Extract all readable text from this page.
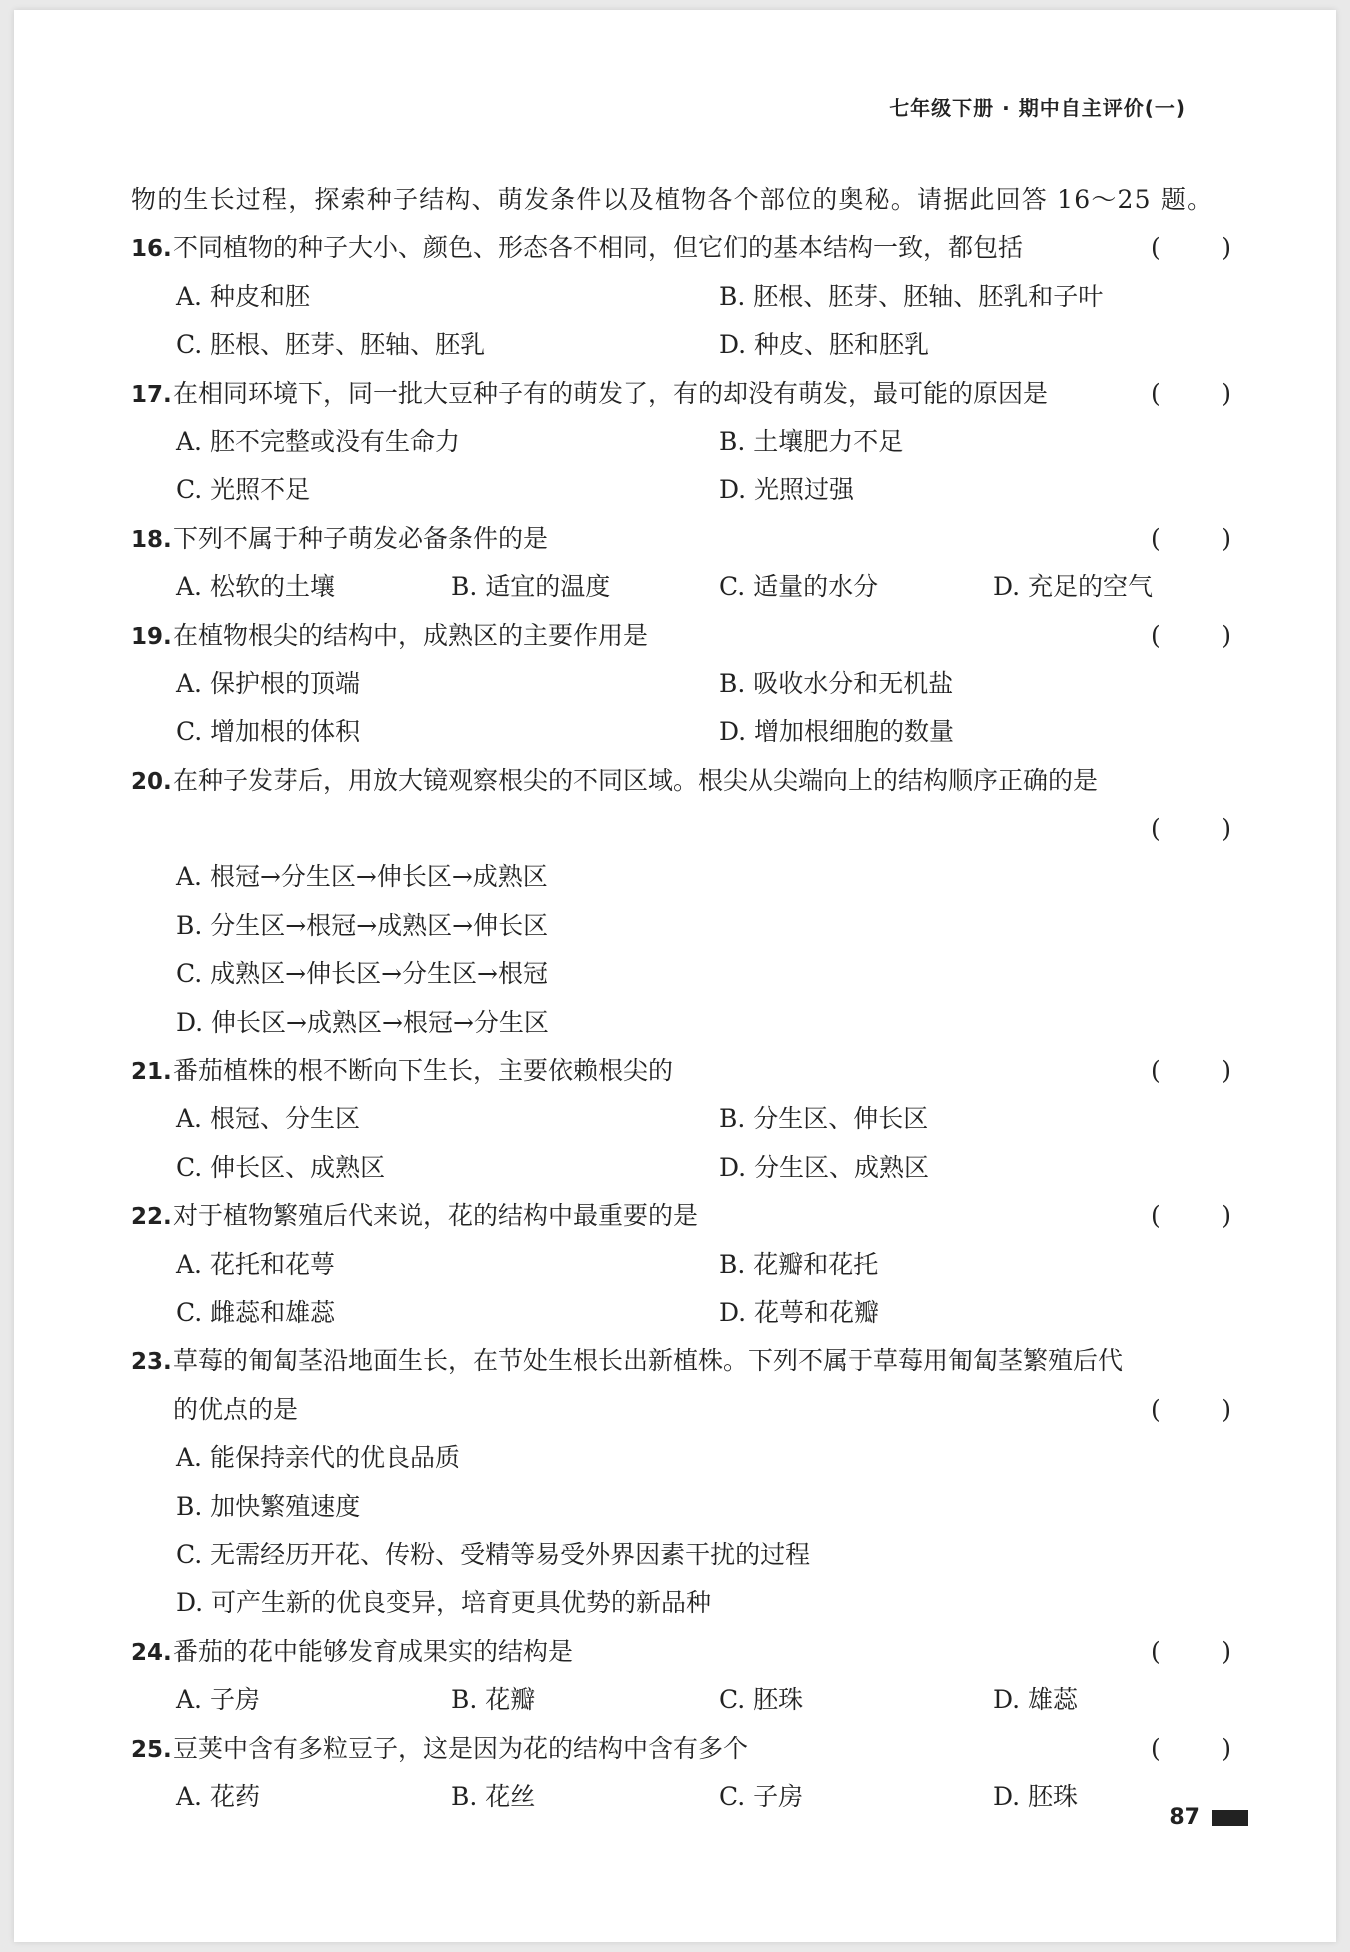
七年级下册 · 期中自主评价(一)
物的生长过程，探索种子结构、萌发条件以及植物各个部位的奥秘。请据此回答 16～25 题。
16.不同植物的种子大小、颜色、形态各不相同，但它们的基本结构一致，都包括	( )
A. 种皮和胚	B. 胚根、胚芽、胚轴、胚乳和子叶
C. 胚根、胚芽、胚轴、胚乳	D. 种皮、胚和胚乳
17.在相同环境下，同一批大豆种子有的萌发了，有的却没有萌发，最可能的原因是	( )
A. 胚不完整或没有生命力	B. 土壤肥力不足
C. 光照不足	D. 光照过强
18.下列不属于种子萌发必备条件的是	( )
A. 松软的土壤	B. 适宜的温度	C. 适量的水分	D. 充足的空气
19.在植物根尖的结构中，成熟区的主要作用是	( )
A. 保护根的顶端	B. 吸收水分和无机盐
C. 增加根的体积	D. 增加根细胞的数量
20.在种子发芽后，用放大镜观察根尖的不同区域。根尖从尖端向上的结构顺序正确的是
( )
A. 根冠→分生区→伸长区→成熟区
B. 分生区→根冠→成熟区→伸长区
C. 成熟区→伸长区→分生区→根冠
D. 伸长区→成熟区→根冠→分生区
21.番茄植株的根不断向下生长，主要依赖根尖的	( )
A. 根冠、分生区	B. 分生区、伸长区
C. 伸长区、成熟区	D. 分生区、成熟区
22.对于植物繁殖后代来说，花的结构中最重要的是	( )
A. 花托和花萼	B. 花瓣和花托
C. 雌蕊和雄蕊	D. 花萼和花瓣
23.草莓的匍匐茎沿地面生长，在节处生根长出新植株。下列不属于草莓用匍匐茎繁殖后代
的优点的是	( )
A. 能保持亲代的优良品质
B. 加快繁殖速度
C. 无需经历开花、传粉、受精等易受外界因素干扰的过程
D. 可产生新的优良变异，培育更具优势的新品种
24.番茄的花中能够发育成果实的结构是	( )
A. 子房	B. 花瓣	C. 胚珠	D. 雄蕊
25.豆荚中含有多粒豆子，这是因为花的结构中含有多个	( )
A. 花药	B. 花丝	C. 子房	D. 胚珠
87
